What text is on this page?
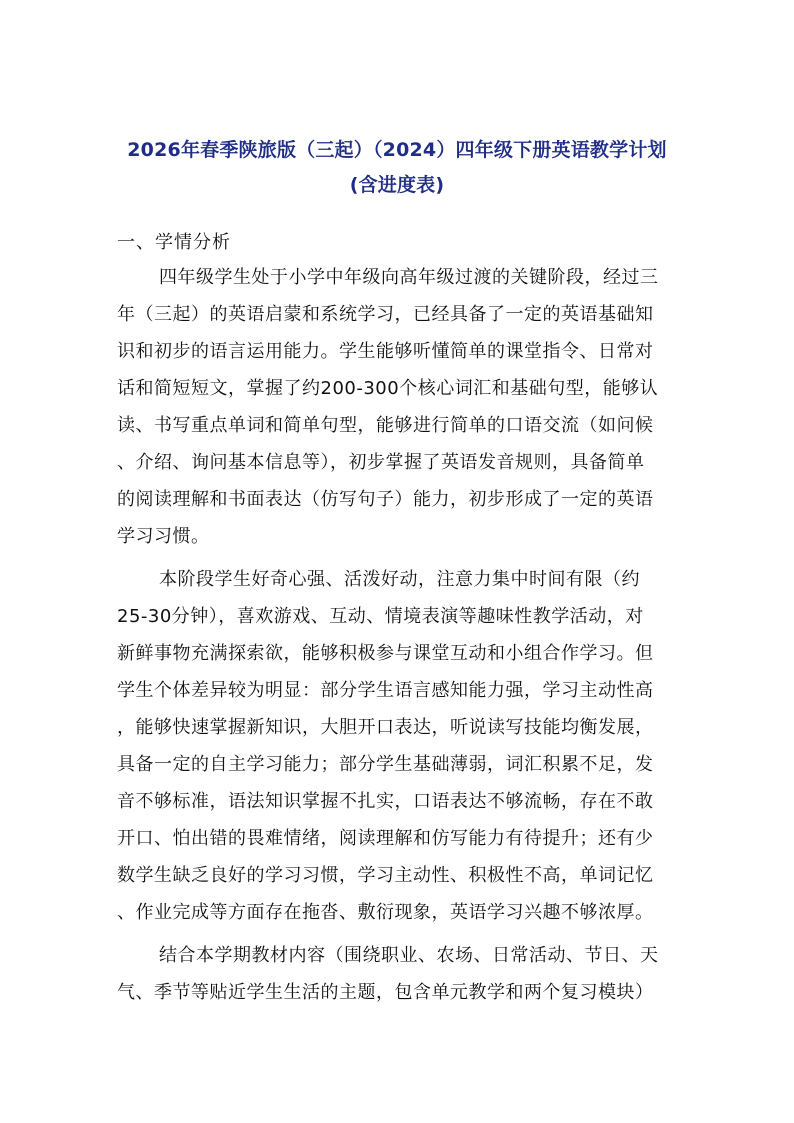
2026年春季陕旅版（三起）（2024）四年级下册英语教学计划
(含进度表)
一、学情分析
四年级学生处于小学中年级向高年级过渡的关键阶段，经过三
年（三起）的英语启蒙和系统学习，已经具备了一定的英语基础知
识和初步的语言运用能力。学生能够听懂简单的课堂指令、日常对
话和简短短文，掌握了约200-300个核心词汇和基础句型，能够认
读、书写重点单词和简单句型，能够进行简单的口语交流（如问候
、介绍、询问基本信息等），初步掌握了英语发音规则，具备简单
的阅读理解和书面表达（仿写句子）能力，初步形成了一定的英语
学习习惯。
本阶段学生好奇心强、活泼好动，注意力集中时间有限（约
25-30分钟），喜欢游戏、互动、情境表演等趣味性教学活动，对
新鲜事物充满探索欲，能够积极参与课堂互动和小组合作学习。但
学生个体差异较为明显：部分学生语言感知能力强，学习主动性高
，能够快速掌握新知识，大胆开口表达，听说读写技能均衡发展，
具备一定的自主学习能力；部分学生基础薄弱，词汇积累不足，发
音不够标准，语法知识掌握不扎实，口语表达不够流畅，存在不敢
开口、怕出错的畏难情绪，阅读理解和仿写能力有待提升；还有少
数学生缺乏良好的学习习惯，学习主动性、积极性不高，单词记忆
、作业完成等方面存在拖沓、敷衍现象，英语学习兴趣不够浓厚。
结合本学期教材内容（围绕职业、农场、日常活动、节日、天
气、季节等贴近学生生活的主题，包含单元教学和两个复习模块）
